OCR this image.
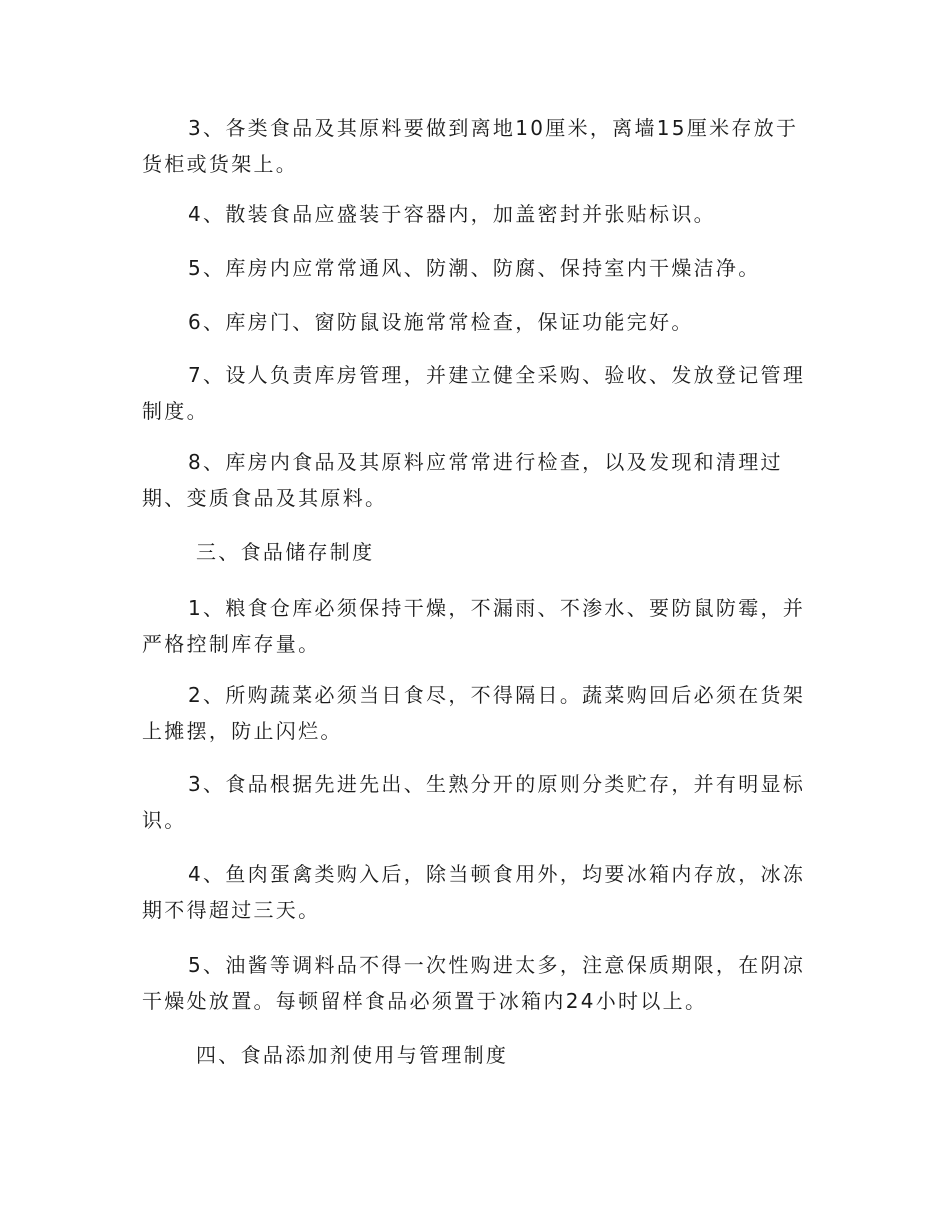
3、各类食品及其原料要做到离地10厘米，离墙15厘米存放于货柜或货架上。

4、散装食品应盛装于容器内，加盖密封并张贴标识。

5、库房内应常常通风、防潮、防腐、保持室内干燥洁净。

6、库房门、窗防鼠设施常常检查，保证功能完好。

7、设人负责库房管理，并建立健全采购、验收、发放登记管理制度。

8、库房内食品及其原料应常常进行检查，以及发现和清理过期、变质食品及其原料。

三、食品储存制度

1、粮食仓库必须保持干燥，不漏雨、不渗水、要防鼠防霉，并严格控制库存量。

2、所购蔬菜必须当日食尽，不得隔日。蔬菜购回后必须在货架上摊摆，防止闪烂。

3、食品根据先进先出、生熟分开的原则分类贮存，并有明显标识。

4、鱼肉蛋禽类购入后，除当顿食用外，均要冰箱内存放，冰冻期不得超过三天。

5、油酱等调料品不得一次性购进太多，注意保质期限，在阴凉干燥处放置。每顿留样食品必须置于冰箱内24小时以上。

四、食品添加剂使用与管理制度
